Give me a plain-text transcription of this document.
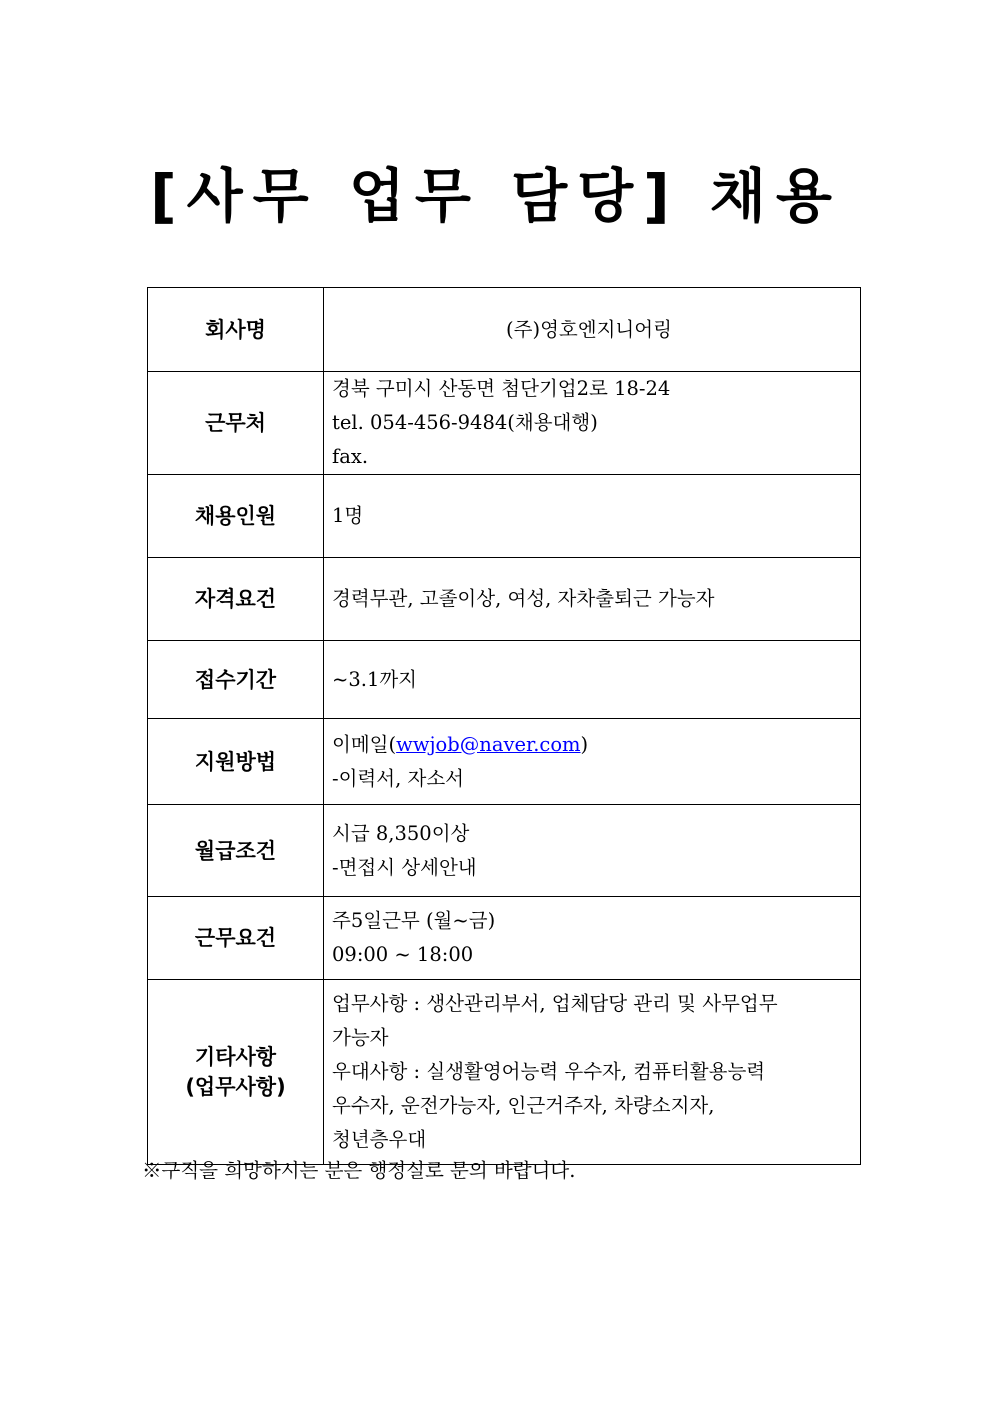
[사무 업무 담당] 채용
회사명	(주)영호엔지니어링
근무처	경북 구미시 산동면 첨단기업2로 18-24
tel. 054-456-9484(채용대행)
fax.

채용인원	1명
자격요건	경력무관, 고졸이상, 여성, 자차출퇴근 가능자
접수기간	~3.1까지
지원방법	이메일(wwjob@naver.com)
-이력서, 자소서

월급조건	시급 8,350이상
-면접시 상세안내

근무요건	주5일근무 (월~금)
09:00 ~ 18:00

기타사항
(업무사항)	업무사항 : 생산관리부서, 업체담당 관리 및 사무업무
가능자
우대사항 : 실생활영어능력 우수자, 컴퓨터활용능력
우수자, 운전가능자, 인근거주자, 차량소지자,
청년층우대
※구직을 희망하시는 분은 행정실로 문의 바랍니다.
